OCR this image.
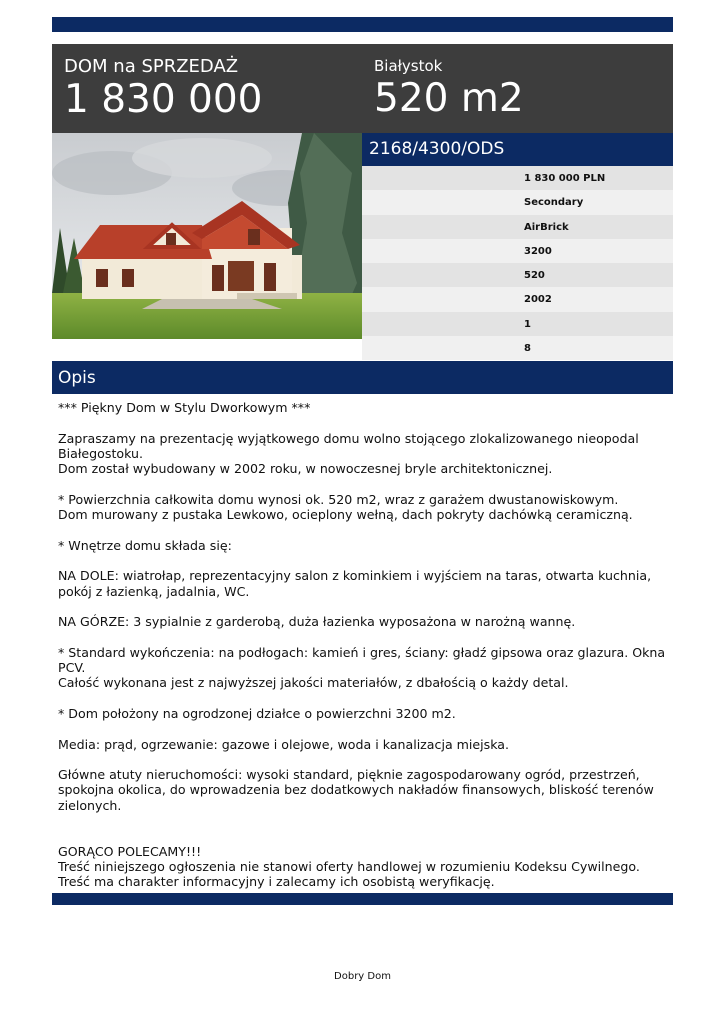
DOM na SPRZEDAŻ
1 830 000
Białystok
520 m2
2168/4300/ODS
1 830 000 PLN
Secondary
AirBrick
3200
520
2002
1
8
Opis

*** Piękny Dom w Stylu Dworkowym ***

Zapraszamy na prezentację wyjątkowego domu wolno stojącego zlokalizowanego nieopodal Białegostoku.
Dom został wybudowany w 2002 roku, w nowoczesnej bryle architektonicznej.

* Powierzchnia całkowita domu wynosi ok. 520 m2, wraz z garażem dwustanowiskowym.
Dom murowany z pustaka Lewkowo, ocieplony wełną, dach pokryty dachówką ceramiczną.

* Wnętrze domu składa się:

NA DOLE: wiatrołap, reprezentacyjny salon z kominkiem i wyjściem na taras, otwarta kuchnia, pokój z łazienką, jadalnia, WC.

NA GÓRZE: 3 sypialnie z garderobą, duża łazienka wyposażona w narożną wannę.

* Standard wykończenia: na podłogach: kamień i gres, ściany: gładź gipsowa oraz glazura. Okna PCV.
Całość wykonana jest z najwyższej jakości materiałów, z dbałością o każdy detal.

* Dom położony na ogrodzonej działce o powierzchni 3200 m2.

Media: prąd, ogrzewanie: gazowe i olejowe, woda i kanalizacja miejska.

Główne atuty nieruchomości: wysoki standard, pięknie zagospodarowany ogród, przestrzeń, spokojna okolica, do wprowadzenia bez dodatkowych nakładów finansowych, bliskość terenów zielonych.

GORĄCO POLECAMY!!!
Treść niniejszego ogłoszenia nie stanowi oferty handlowej w rozumieniu Kodeksu Cywilnego. Treść ma charakter informacyjny i zalecamy ich osobistą weryfikację.

Dobry Dom
